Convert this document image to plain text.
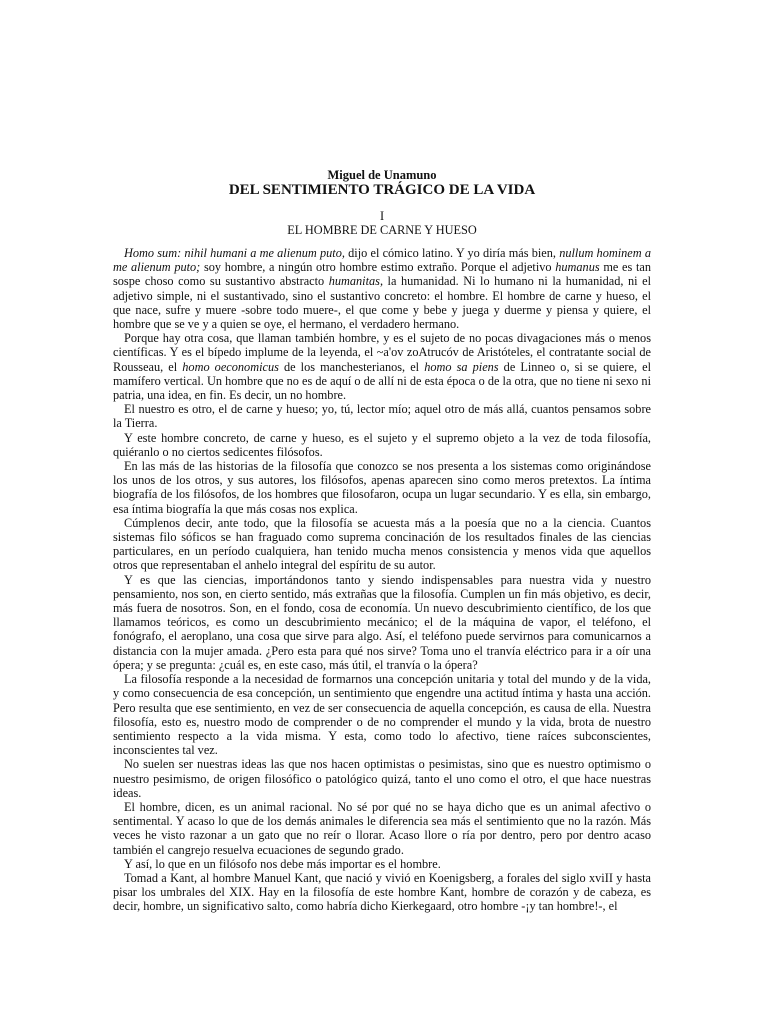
Miguel de Unamuno
DEL SENTIMIENTO TRÁGICO DE LA VIDA
I
EL HOMBRE DE CARNE Y HUESO

Homo sum: nihil humani a me alienum puto, dijo el cómico latino. Y yo diría más bien, nullum hominem a me alienum puto; soy hombre, a ningún otro hombre estimo extraño. Porque el adjetivo humanus me es tan sospe choso como su sustantivo abstracto humanitas, la humanidad. Ni lo humano ni la humanidad, ni el adjetivo simple, ni el sustantivado, sino el sustantivo concreto: el hombre. El hombre de carne y hueso, el que nace, sufre y muere -sobre todo muere-, el que come y bebe y juega y duerme y piensa y quiere, el hombre que se ve y a quien se oye, el hermano, el verdadero hermano.

Porque hay otra cosa, que llaman también hombre, y es el sujeto de no pocas divagaciones más o menos científicas. Y es el bípedo implume de la leyenda, el ~a'ov zoAtrucóv de Aristóteles, el contratante social de Rousseau, el homo oeconomicus de los manchesterianos, el homo sa piens de Linneo o, si se quiere, el mamífero vertical. Un hombre que no es de aquí o de allí ni de esta época o de la otra, que no tiene ni sexo ni patria, una idea, en fin. Es decir, un no hombre.

El nuestro es otro, el de carne y hueso; yo, tú, lector mío; aquel otro de más allá, cuantos pensamos sobre la Tierra.

Y este hombre concreto, de carne y hueso, es el sujeto y el supremo objeto a la vez de toda filosofía, quiéranlo o no ciertos sedicentes filósofos.

En las más de las historias de la filosofía que conozco se nos presenta a los sistemas como originándose los unos de los otros, y sus autores, los filósofos, apenas aparecen sino como meros pretextos. La íntima biografía de los filósofos, de los hombres que filosofaron, ocupa un lugar secundario. Y es ella, sin embargo, esa íntima biografía la que más cosas nos explica.

Cúmplenos decir, ante todo, que la filosofía se acuesta más a la poesía que no a la ciencia. Cuantos sistemas filo sóficos se han fraguado como suprema concinación de los resultados finales de las ciencias particulares, en un período cualquiera, han tenido mucha menos consistencia y menos vida que aquellos otros que representaban el anhelo integral del espíritu de su autor.

Y es que las ciencias, importándonos tanto y siendo indispensables para nuestra vida y nuestro pensamiento, nos son, en cierto sentido, más extrañas que la filosofía. Cumplen un fin más objetivo, es decir, más fuera de nosotros. Son, en el fondo, cosa de economía. Un nuevo descubrimiento científico, de los que llamamos teóricos, es como un descubrimiento mecánico; el de la máquina de vapor, el teléfono, el fonógrafo, el aeroplano, una cosa que sirve para algo. Así, el teléfono puede servirnos para comunicarnos a distancia con la mujer amada. ¿Pero esta para qué nos sirve? Toma uno el tranvía eléctrico para ir a oír una ópera; y se pregunta: ¿cuál es, en este caso, más útil, el tranvía o la ópera?

La filosofía responde a la necesidad de formarnos una concepción unitaria y total del mundo y de la vida, y como consecuencia de esa concepción, un sentimiento que engendre una actitud íntima y hasta una acción. Pero resulta que ese sentimiento, en vez de ser consecuencia de aquella concepción, es causa de ella. Nuestra filosofía, esto es, nuestro modo de comprender o de no comprender el mundo y la vida, brota de nuestro sentimiento respecto a la vida misma. Y esta, como todo lo afectivo, tiene raíces subconscientes, inconscientes tal vez.

No suelen ser nuestras ideas las que nos hacen optimistas o pesimistas, sino que es nuestro optimismo o nuestro pesimismo, de origen filosófico o patológico quizá, tanto el uno como el otro, el que hace nuestras ideas.

El hombre, dicen, es un animal racional. No sé por qué no se haya dicho que es un animal afectivo o sentimental. Y acaso lo que de los demás animales le diferencia sea más el sentimiento que no la razón. Más veces he visto razonar a un gato que no reír o llorar. Acaso llore o ría por dentro, pero por dentro acaso también el cangrejo resuelva ecuaciones de segundo grado.

Y así, lo que en un filósofo nos debe más importar es el hombre.

Tomad a Kant, al hombre Manuel Kant, que nació y vivió en Koenigsberg, a forales del siglo xviII y hasta pisar los umbrales del XIX. Hay en la filosofía de este hombre Kant, hombre de corazón y de cabeza, es decir, hombre, un significativo salto, como habría dicho Kierkegaard, otro hombre -¡y tan hombre!-, el
